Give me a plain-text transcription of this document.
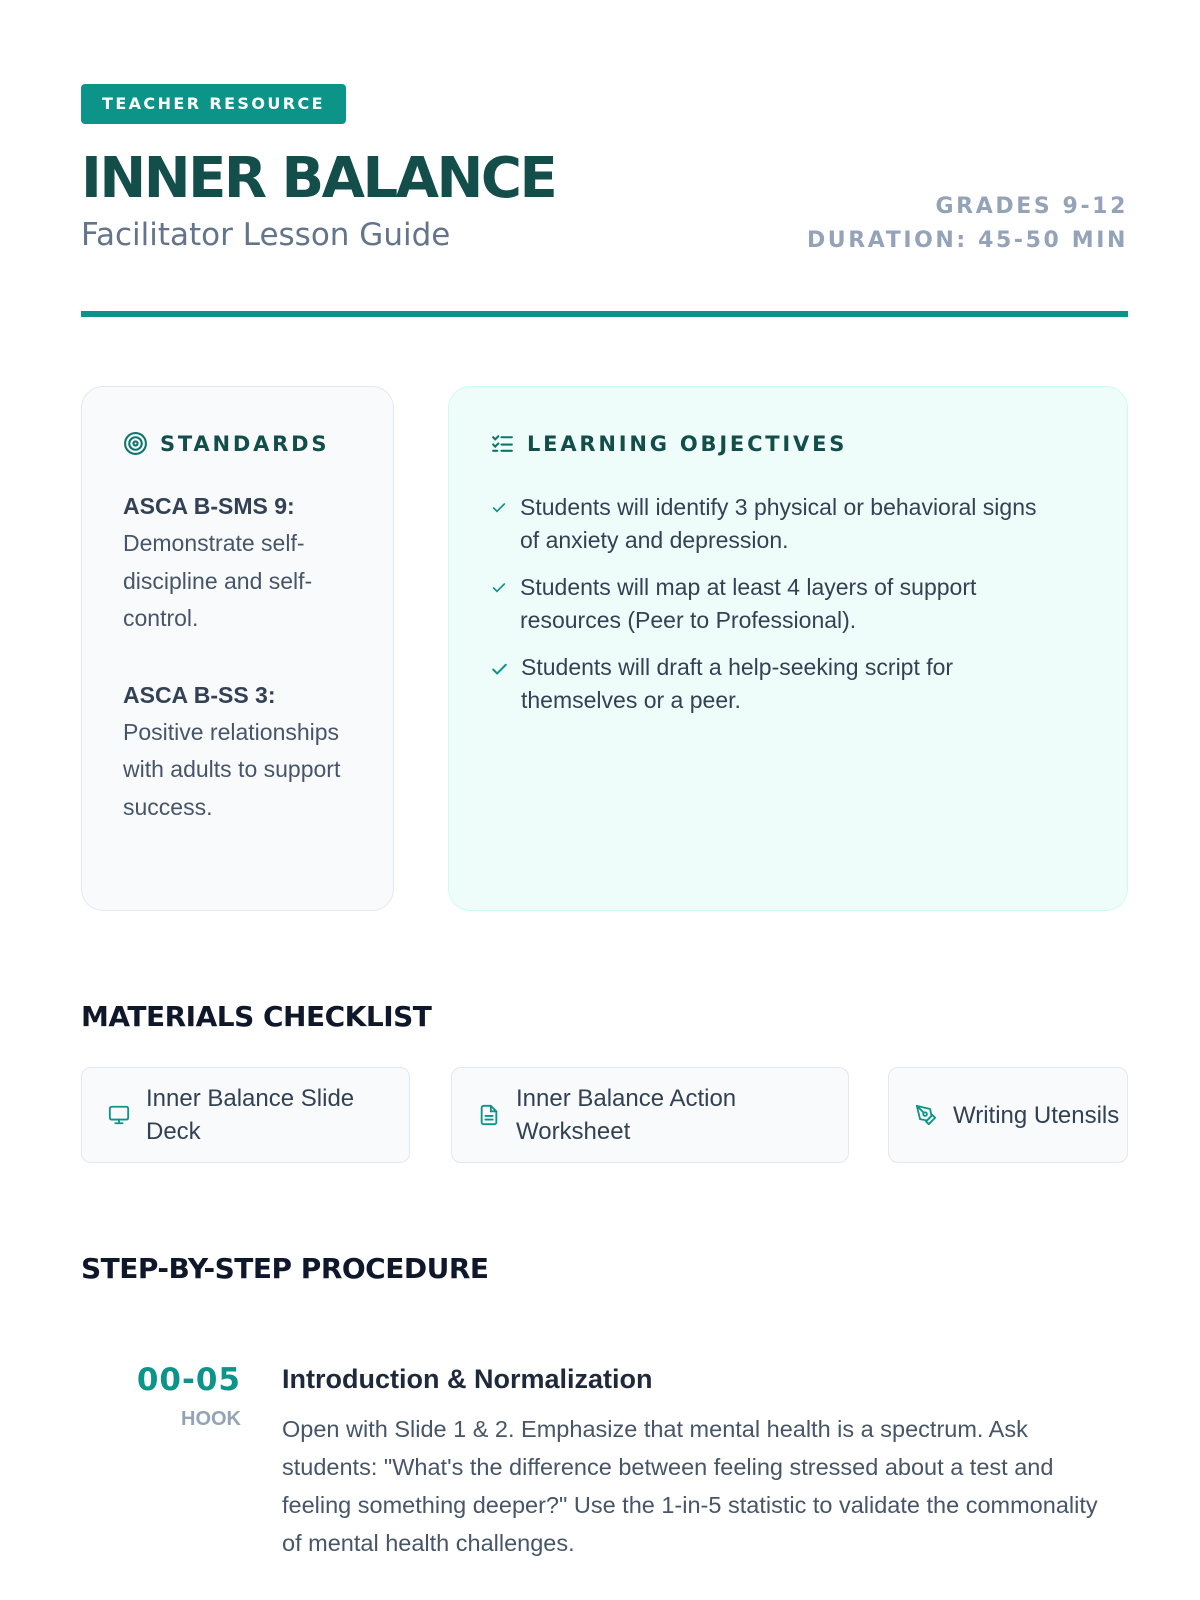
TEACHER RESOURCE
INNER BALANCE
Facilitator Lesson Guide
GRADES 9-12
DURATION: 45-50 MIN
STANDARDS
ASCA B-SMS 9:
Demonstrate self-discipline and self-control.
ASCA B-SS 3:
Positive relationships with adults to support success.
LEARNING OBJECTIVES
Students will identify 3 physical or behavioral signs of anxiety and depression.
Students will map at least 4 layers of support resources (Peer to Professional).
Students will draft a help-seeking script for themselves or a peer.
MATERIALS CHECKLIST
Inner Balance Slide Deck
Inner Balance Action Worksheet
Writing Utensils
STEP-BY-STEP PROCEDURE
00-05
HOOK
Introduction & Normalization
Open with Slide 1 & 2. Emphasize that mental health is a spectrum. Ask students: "What's the difference between feeling stressed about a test and feeling something deeper?" Use the 1-in-5 statistic to validate the commonality of mental health challenges.
